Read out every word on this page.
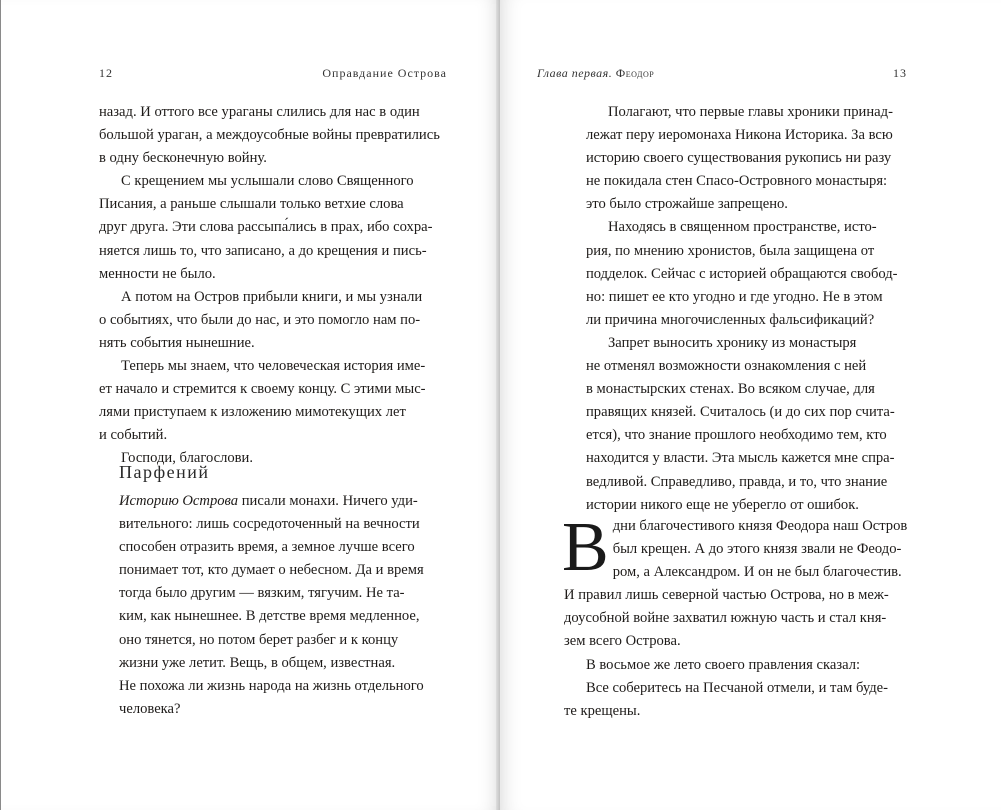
12	Оправдание Острова

назад. И оттого все ураганы слились для нас в один

большой ураган, а междоусобные войны превратились

в одну бесконечную войну.

С крещением мы услышали слово Священного

Писания, а раньше слышали только ветхие слова

друг друга. Эти слова рассыпа́лись в прах, ибо сохра-

няется лишь то, что записано, а до крещения и пись-

менности не было.

А потом на Остров прибыли книги, и мы узнали

о событиях, что были до нас, и это помогло нам по-

нять события нынешние.

Теперь мы знаем, что человеческая история име-

ет начало и стремится к своему концу. С этими мыс-

лями приступаем к изложению мимотекущих лет

и событий.

Господи, благослови.

Парфений

Историю Острова писали монахи. Ничего уди-

вительного: лишь сосредоточенный на вечности

способен отразить время, а земное лучше всего

понимает тот, кто думает о небесном. Да и время

тогда было другим — вязким, тягучим. Не та-

ким, как нынешнее. В детстве время медленное,

оно тянется, но потом берет разбег и к концу

жизни уже летит. Вещь, в общем, известная.

Не похожа ли жизнь народа на жизнь отдельного

человека?

Глава первая. Феодор	13

Полагают, что первые главы хроники принад-

лежат перу иеромонаха Никона Историка. За всю

историю своего существования рукопись ни разу

не покидала стен Спасо-Островного монастыря:

это было строжайше запрещено.

Находясь в священном пространстве, исто-

рия, по мнению хронистов, была защищена от

подделок. Сейчас с историей обращаются свобод-

но: пишет ее кто угодно и где угодно. Не в этом

ли причина многочисленных фальсификаций?

Запрет выносить хронику из монастыря

не отменял возможности ознакомления с ней

в монастырских стенах. Во всяком случае, для

правящих князей. Считалось (и до сих пор счита-

ется), что знание прошлого необходимо тем, кто

находится у власти. Эта мысль кажется мне спра-

ведливой. Справедливо, правда, и то, что знание

истории никого еще не уберегло от ошибок.

В дни благочестивого князя Феодора наш Остров

был крещен. А до этого князя звали не Феодо-

ром, а Александром. И он не был благочестив.

И правил лишь северной частью Острова, но в меж-

доусобной войне захватил южную часть и стал кня-

зем всего Острова.

В восьмое же лето своего правления сказал:

Все соберитесь на Песчаной отмели, и там буде-

те крещены.
